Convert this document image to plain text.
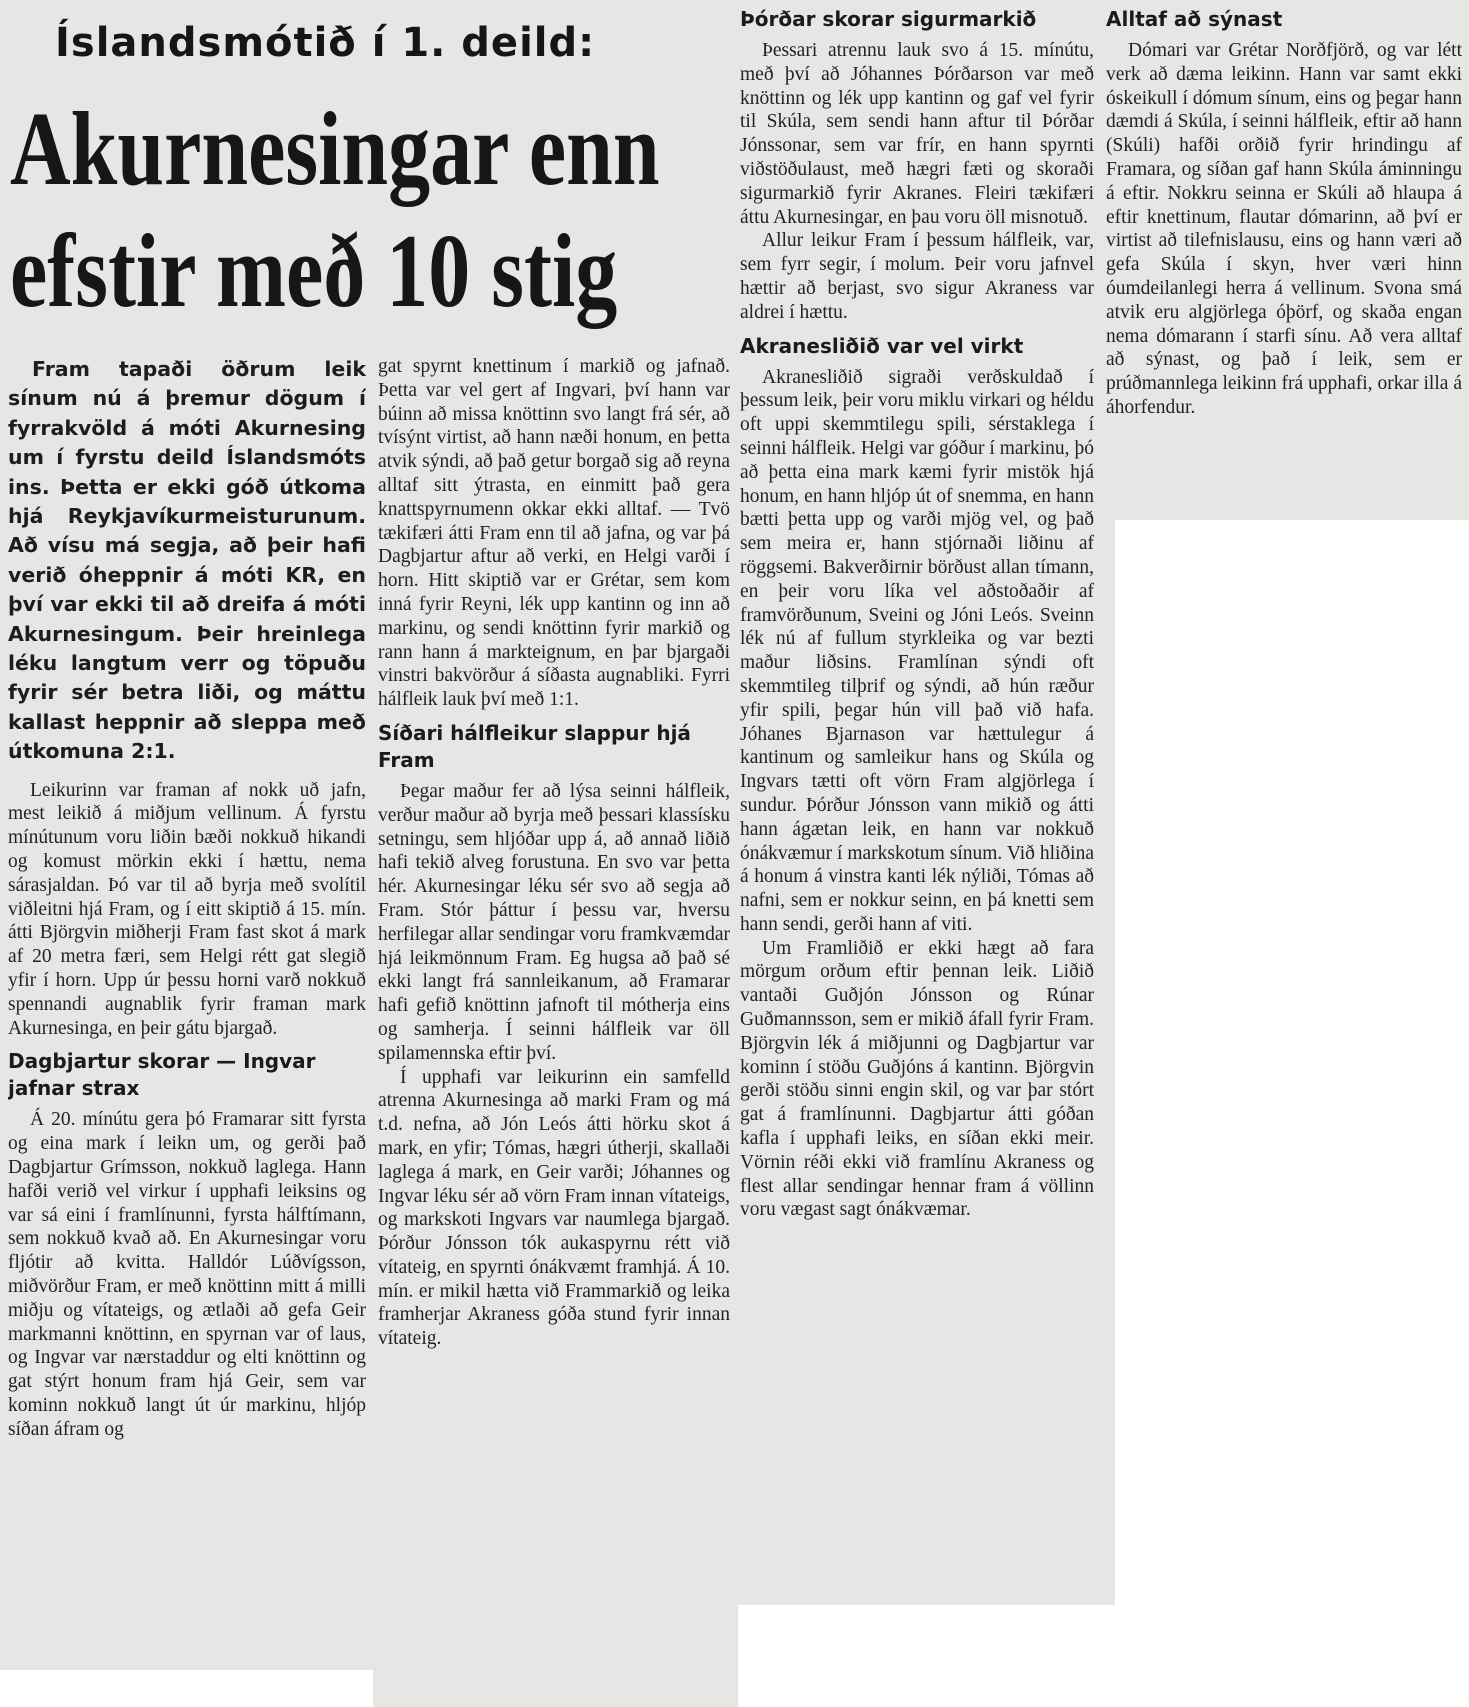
Íslandsmótið í 1. deild:
Akurnesingar enn
efstir með 10 stig

Fram tapaði öðrum leik sínum nú á þremur dögum í fyrrakvöld á móti Akurnesing um í fyrstu deild Íslandsmóts ins. Þetta er ekki góð útkoma hjá Reykjavíkurmeisturunum. Að vísu má segja, að þeir hafi verið óheppnir á móti KR, en því var ekki til að dreifa á móti Akurnesingum. Þeir hreinlega léku langtum verr og töpuðu fyrir sér betra liði, og máttu kallast heppnir að sleppa með útkomuna 2:1.

Leikurinn var framan af nokk uð jafn, mest leikið á miðjum vellinum. Á fyrstu mínútunum voru liðin bæði nokkuð hikandi og komust mörkin ekki í hættu, nema sárasjaldan. Þó var til að byrja með svolítil viðleitni hjá Fram, og í eitt skiptið á 15. mín. átti Björgvin miðherji Fram fast skot á mark af 20 metra færi, sem Helgi rétt gat slegið yfir í horn. Upp úr þessu horni varð nokkuð spennandi augnablik fyrir framan mark Akurnesinga, en þeir gátu bjargað.

Dagbjartur skorar — Ingvar jafnar strax

Á 20. mínútu gera þó Framarar sitt fyrsta og eina mark í leikn um, og gerði það Dagbjartur Grímsson, nokkuð laglega. Hann hafði verið vel virkur í upphafi leiksins og var sá eini í framlínunni, fyrsta hálftímann, sem nokkuð kvað að. En Akurnesingar voru fljótir að kvitta. Halldór Lúðvígsson, miðvörður Fram, er með knöttinn mitt á milli miðju og vítateigs, og ætlaði að gefa Geir markmanni knöttinn, en spyrnan var of laus, og Ingvar var nærstaddur og elti knöttinn og gat stýrt honum fram hjá Geir, sem var kominn nokkuð langt út úr markinu, hljóp síðan áfram og

gat spyrnt knettinum í markið og jafnað. Þetta var vel gert af Ingvari, því hann var búinn að missa knöttinn svo langt frá sér, að tvísýnt virtist, að hann næði honum, en þetta atvik sýndi, að það getur borgað sig að reyna alltaf sitt ýtrasta, en einmitt það gera knattspyrnumenn okkar ekki alltaf. — Tvö tækifæri átti Fram enn til að jafna, og var þá Dagbjartur aftur að verki, en Helgi varði í horn. Hitt skiptið var er Grétar, sem kom inná fyrir Reyni, lék upp kantinn og inn að markinu, og sendi knöttinn fyrir markið og rann hann á markteignum, en þar bjargaði vinstri bakvörður á síðasta augnabliki. Fyrri hálfleik lauk því með 1:1.

Síðari hálfleikur slappur hjá Fram

Þegar maður fer að lýsa seinni hálfleik, verður maður að byrja með þessari klassísku setningu, sem hljóðar upp á, að annað liðið hafi tekið alveg forustuna. En svo var þetta hér. Akurnesingar léku sér svo að segja að Fram. Stór þáttur í þessu var, hversu herfilegar allar sendingar voru framkvæmdar hjá leikmönnum Fram. Eg hugsa að það sé ekki langt frá sannleikanum, að Framarar hafi gefið knöttinn jafnoft til mótherja eins og samherja. Í seinni hálfleik var öll spilamennska eftir því.

Í upphafi var leikurinn ein samfelld atrenna Akurnesinga að marki Fram og má t.d. nefna, að Jón Leós átti hörku skot á mark, en yfir; Tómas, hægri útherji, skallaði laglega á mark, en Geir varði; Jóhannes og Ingvar léku sér að vörn Fram innan vítateigs, og markskoti Ingvars var naumlega bjargað. Þórður Jónsson tók aukaspyrnu rétt við vítateig, en spyrnti ónákvæmt framhjá. Á 10. mín. er mikil hætta við Frammarkið og leika framherjar Akraness góða stund fyrir innan vítateig.

Þórðar skorar sigurmarkið

Þessari atrennu lauk svo á 15. mínútu, með því að Jóhannes Þórðarson var með knöttinn og lék upp kantinn og gaf vel fyrir til Skúla, sem sendi hann aftur til Þórðar Jónssonar, sem var frír, en hann spyrnti viðstöðulaust, með hægri fæti og skoraði sigurmarkið fyrir Akranes. Fleiri tækifæri áttu Akurnesingar, en þau voru öll misnotuð.

Allur leikur Fram í þessum hálfleik, var, sem fyrr segir, í molum. Þeir voru jafnvel hættir að berjast, svo sigur Akraness var aldrei í hættu.

Akranesliðið var vel virkt

Akranesliðið sigraði verðskuldað í þessum leik, þeir voru miklu virkari og héldu oft uppi skemmtilegu spili, sérstaklega í seinni hálfleik. Helgi var góður í markinu, þó að þetta eina mark kæmi fyrir mistök hjá honum, en hann hljóp út of snemma, en hann bætti þetta upp og varði mjög vel, og það sem meira er, hann stjórnaði liðinu af röggsemi. Bakverðirnir börðust allan tímann, en þeir voru líka vel aðstoðaðir af framvörðunum, Sveini og Jóni Leós. Sveinn lék nú af fullum styrkleika og var bezti maður liðsins. Framlínan sýndi oft skemmtileg tilþrif og sýndi, að hún ræður yfir spili, þegar hún vill það við hafa. Jóhanes Bjarnason var hættulegur á kantinum og samleikur hans og Skúla og Ingvars tætti oft vörn Fram algjörlega í sundur. Þórður Jónsson vann mikið og átti hann ágætan leik, en hann var nokkuð ónákvæmur í markskotum sínum. Við hliðina á honum á vinstra kanti lék nýliði, Tómas að nafni, sem er nokkur seinn, en þá knetti sem hann sendi, gerði hann af viti.

Um Framliðið er ekki hægt að fara mörgum orðum eftir þennan leik. Liðið vantaði Guðjón Jónsson og Rúnar Guðmannsson, sem er mikið áfall fyrir Fram. Björgvin lék á miðjunni og Dagbjartur var kominn í stöðu Guðjóns á kantinn. Björgvin gerði stöðu sinni engin skil, og var þar stórt gat á framlínunni. Dagbjartur átti góðan kafla í upphafi leiks, en síðan ekki meir. Vörnin réði ekki við framlínu Akraness og flest allar sendingar hennar fram á völlinn voru vægast sagt ónákvæmar.

Alltaf að sýnast

Dómari var Grétar Norðfjörð, og var létt verk að dæma leikinn. Hann var samt ekki óskeikull í dómum sínum, eins og þegar hann dæmdi á Skúla, í seinni hálfleik, eftir að hann (Skúli) hafði orðið fyrir hrindingu af Framara, og síðan gaf hann Skúla áminningu á eftir. Nokkru seinna er Skúli að hlaupa á eftir knettinum, flautar dómarinn, að því er virtist að tilefnislausu, eins og hann væri að gefa Skúla í skyn, hver væri hinn óumdeilanlegi herra á vellinum. Svona smá atvik eru algjörlega óþörf, og skaða engan nema dómarann í starfi sínu. Að vera alltaf að sýnast, og það í leik, sem er prúðmannlega leikinn frá upphafi, orkar illa á áhorfendur.
